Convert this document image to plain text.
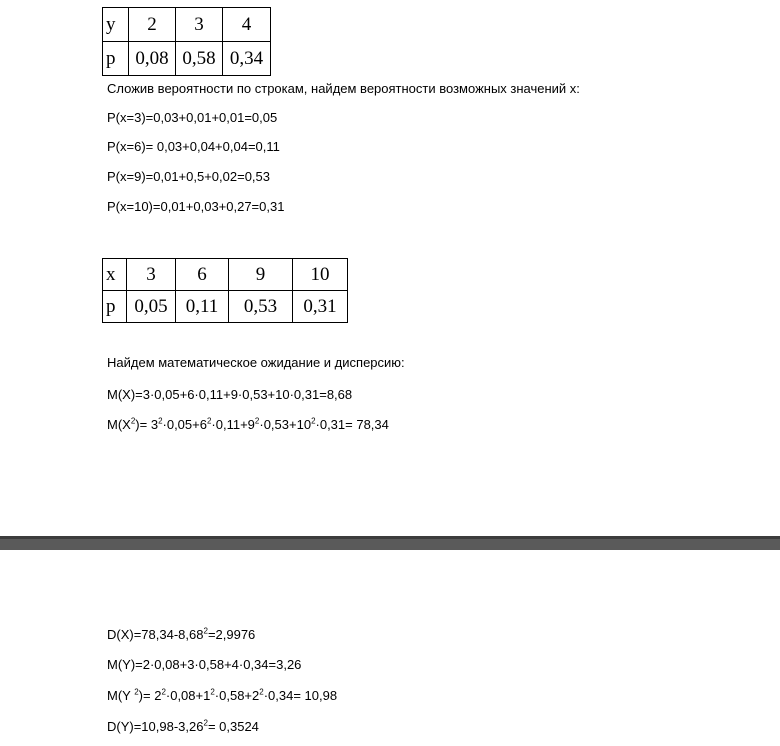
y	2	3	4
p	0,08	0,58	0,34
Сложив вероятности по строкам, найдем вероятности возможных значений x:
P(x=3)=0,03+0,01+0,01=0,05
P(x=6)= 0,03+0,04+0,04=0,11
P(x=9)=0,01+0,5+0,02=0,53
P(x=10)=0,01+0,03+0,27=0,31
x	3	6	9	10
p	0,05	0,11	0,53	0,31
Найдем математическое ожидание и дисперсию:
M(X)=3·0,05+6·0,11+9·0,53+10·0,31=8,68
$M(X^2)= 3^2\cdot 0,05+6^2\cdot 0,11+9^2\cdot 0,53+10^2\cdot 0,31= 78,34$
$D(X)=78,34-8,68^2=2,9976$
M(Y)=2·0,08+3·0,58+4·0,34=3,26
M(Y $^2)= 2^2\cdot 0,08+1^2\cdot 0,58+2^2\cdot 0,34= 10,98$
$D(Y)=10,98-3,26^2= 0,3524$
